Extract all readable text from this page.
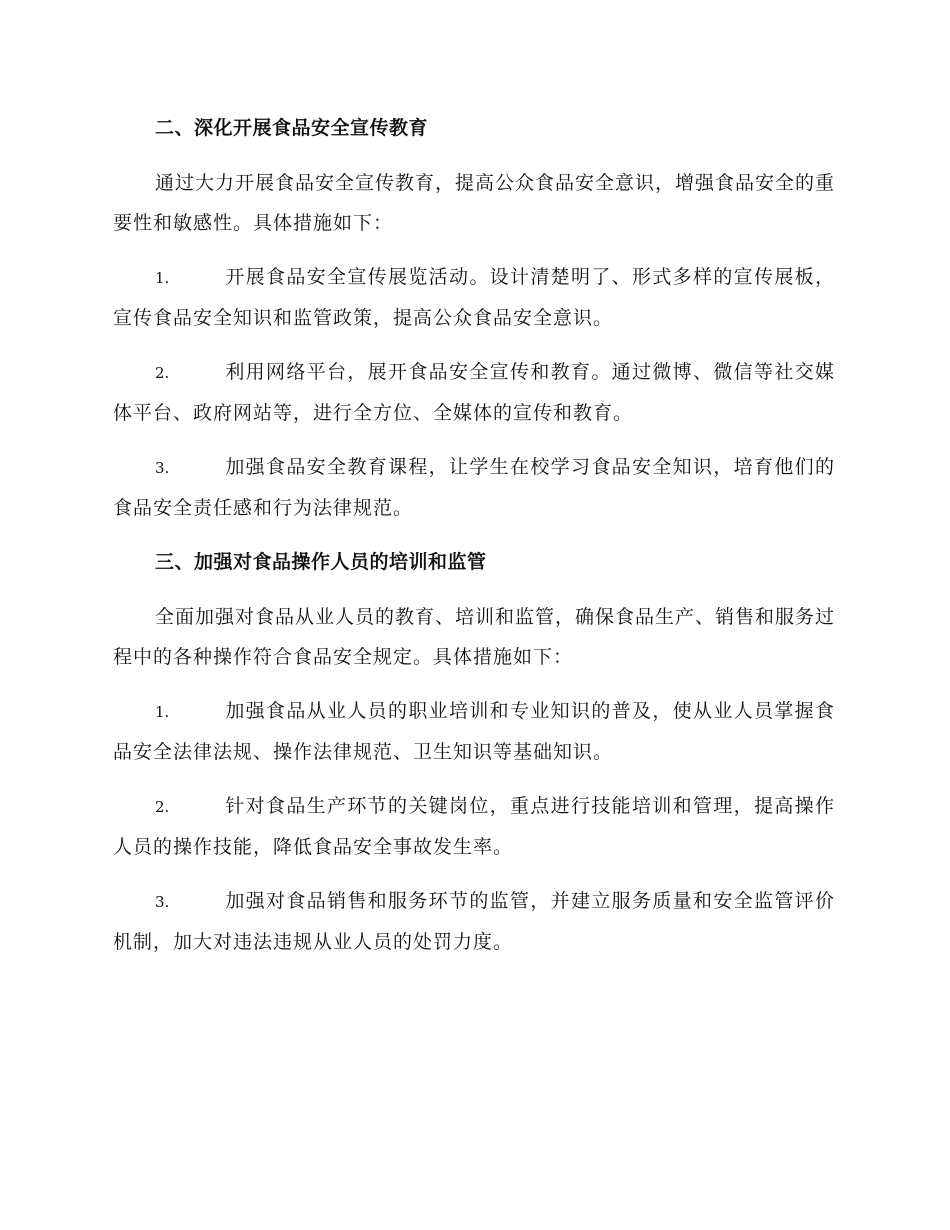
二、深化开展食品安全宣传教育
通过大力开展食品安全宣传教育，提高公众食品安全意识，增强食品安全的重要性和敏感性。具体措施如下：
1.	开展食品安全宣传展览活动。设计清楚明了、形式多样的宣传展板，宣传食品安全知识和监管政策，提高公众食品安全意识。
2.	利用网络平台，展开食品安全宣传和教育。通过微博、微信等社交媒体平台、政府网站等，进行全方位、全媒体的宣传和教育。
3.	加强食品安全教育课程，让学生在校学习食品安全知识，培育他们的食品安全责任感和行为法律规范。
三、加强对食品操作人员的培训和监管
全面加强对食品从业人员的教育、培训和监管，确保食品生产、销售和服务过程中的各种操作符合食品安全规定。具体措施如下：
1.	加强食品从业人员的职业培训和专业知识的普及，使从业人员掌握食品安全法律法规、操作法律规范、卫生知识等基础知识。
2.	针对食品生产环节的关键岗位，重点进行技能培训和管理，提高操作人员的操作技能，降低食品安全事故发生率。
3.	加强对食品销售和服务环节的监管，并建立服务质量和安全监管评价机制，加大对违法违规从业人员的处罚力度。
